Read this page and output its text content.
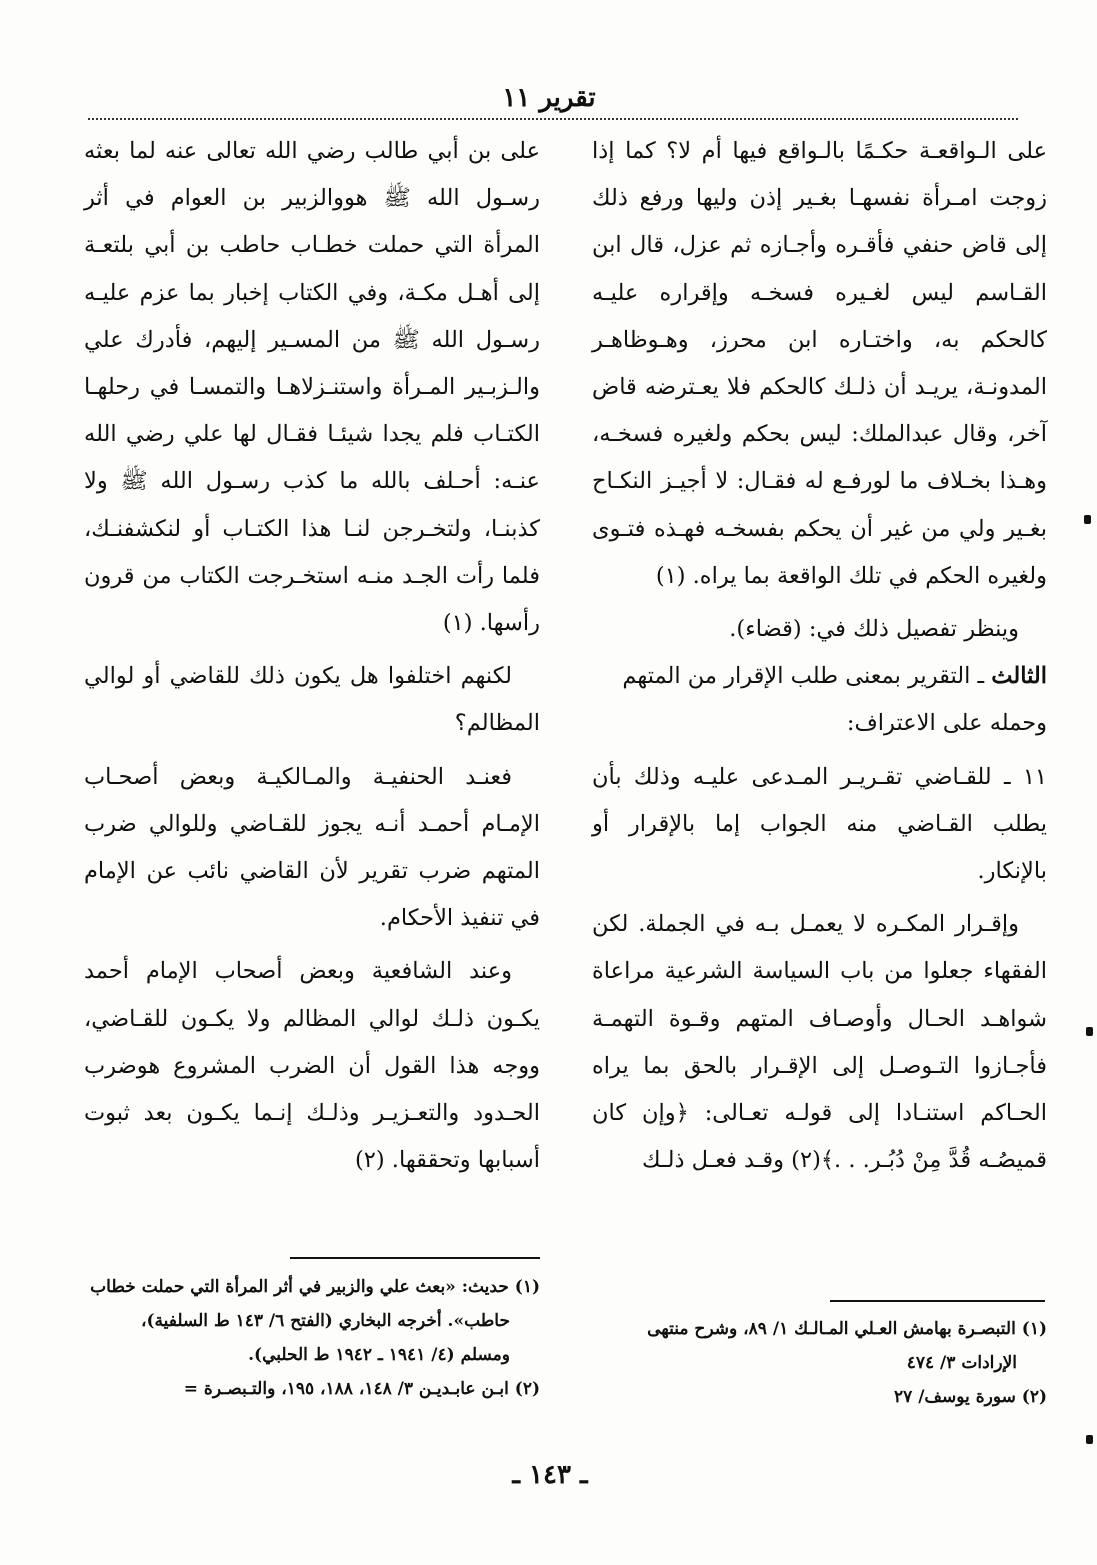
تقرير ١١

على الـواقعـة حكـمًا بالـواقع فيها أم لا؟ كما إذا زوجت امـرأة نفسهـا بغـير إذن وليها ورفع ذلك إلى قاض حنفي فأقـره وأجـازه ثم عزل، قال ابن القـاسم ليس لغـيره فسخـه وإقراره عليـه كالحكم به، واختـاره ابن محرز، وهـوظاهـر المدونـة، يريـد أن ذلـك كالحكم فلا يعـترضه قاض آخر، وقال عبدالملك: ليس بحكم ولغيره فسخـه، وهـذا بخـلاف ما لورفـع له فقـال: لا أجيـز النكـاح بغـير ولي من غير أن يحكم بفسخـه فهـذه فتـوى ولغيره الحكم في تلك الواقعة بما يراه. (١)

وينظر تفصيل ذلك في: (قضاء).

الثالث ـ التقرير بمعنى طلب الإقرار من المتهم

وحمله على الاعتراف:

١١ ـ للقـاضي تقـريـر المـدعى عليـه وذلك بأن يطلب القـاضي منه الجواب إما بالإقرار أو بالإنكار.

وإقـرار المكـره لا يعمـل بـه في الجملة. لكن الفقهاء جعلوا من باب السياسة الشرعية مراعاة شواهـد الحـال وأوصـاف المتهم وقـوة التهمـة فأجـازوا التـوصـل إلى الإقـرار بالحق بما يراه الحـاكم استنـادا إلى قولـه تعـالى: ﴿وإن كان قميصُـه قُدَّ مِنْ دُبُـر. . .﴾(٢) وقـد فعـل ذلـك

على بن أبي طالب رضي الله تعالى عنه لما بعثه رسـول الله ﷺ هووالزبير بن العوام في أثر المرأة التي حملت خطـاب حاطب بن أبي بلتعـة إلى أهـل مكـة، وفي الكتاب إخبار بما عزم عليـه رسـول الله ﷺ من المسـير إليهم، فأدرك علي والـزبـير المـرأة واستنـزلاهـا والتمسـا في رحلهـا الكتـاب فلم يجدا شيئـا فقـال لها علي رضي الله عنـه: أحـلف بالله ما كذب رسـول الله ﷺ ولا كذبنـا، ولتخـرجن لنـا هذا الكتـاب أو لنكشفنـك، فلما رأت الجـد منـه استخـرجت الكتاب من قرون رأسها. (١)

لكنهم اختلفوا هل يكون ذلك للقاضي أو لوالي المظالم؟

فعنـد الحنفيـة والمـالكيـة وبعض أصحـاب الإمـام أحمـد أنـه يجوز للقـاضي وللوالي ضرب المتهم ضرب تقرير لأن القاضي نائب عن الإمام في تنفيذ الأحكام.

وعند الشافعية وبعض أصحاب الإمام أحمد يكـون ذلـك لوالي المظالم ولا يكـون للقـاضي، ووجه هذا القول أن الضرب المشروع هوضرب الحـدود والتعـزيـر وذلـك إنـما يكـون بعد ثبوت أسبابها وتحققها. (٢)

(١) التبصـرة بهامش العـلي المـالـك ١/ ٨٩، وشرح منتهى

الإرادات ٣/ ٤٧٤

(٢) سورة يوسف/ ٢٧

(١) حديث: «بعث علي والزبير في أثر المرأة التي حملت خطاب

حاطب». أخرجه البخاري (الفتح ٦/ ١٤٣ ط السلفية)،

ومسلم (٤/ ١٩٤١ ـ ١٩٤٢ ط الحلبي).

(٢) ابـن عابـديـن ٣/ ١٤٨، ١٨٨، ١٩٥، والتـبصـرة =

ـ ١٤٣ ـ
